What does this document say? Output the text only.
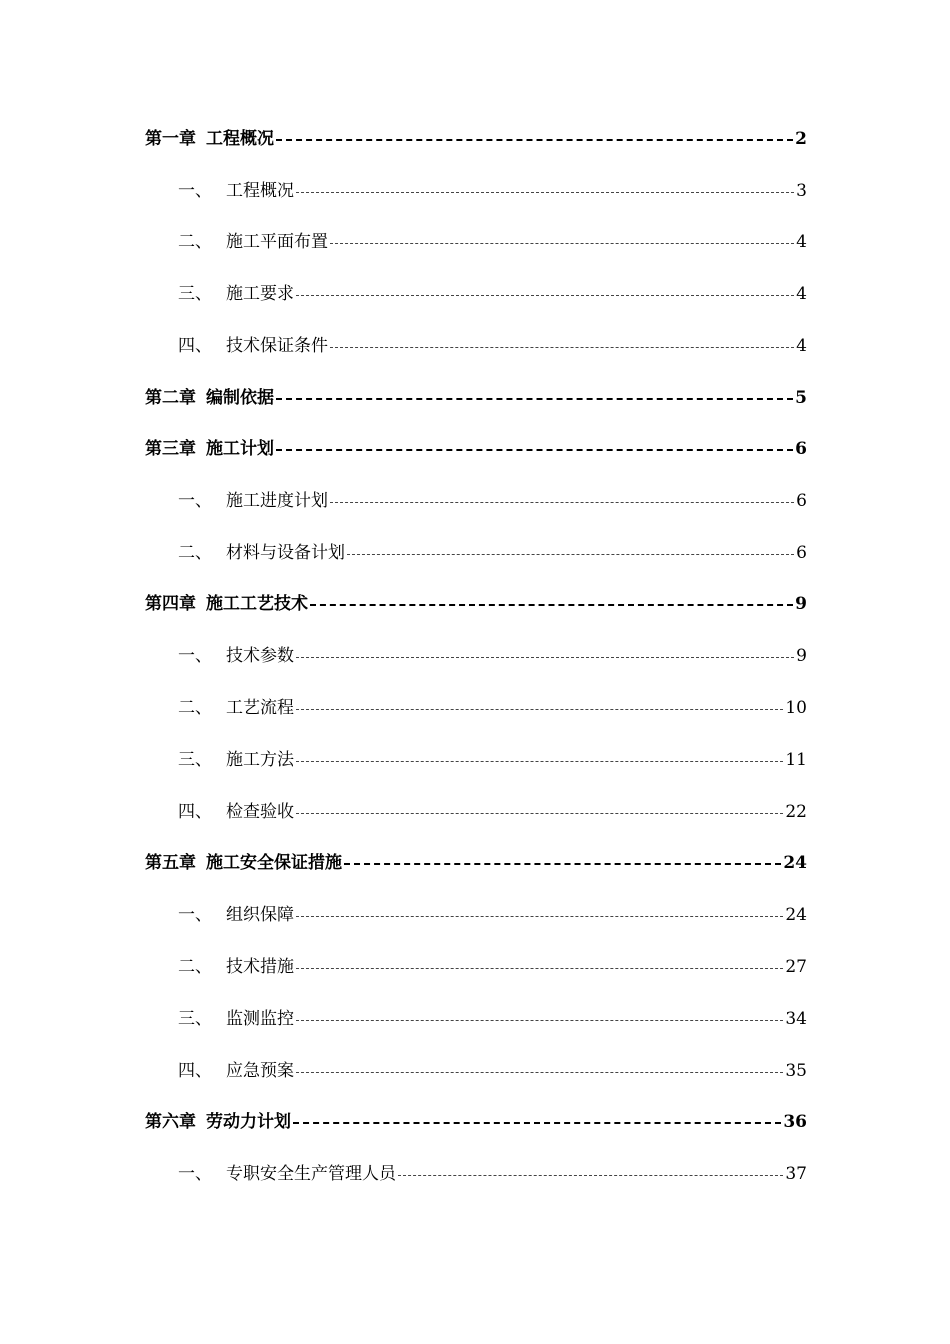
第一章 工程概况	2
一、 工程概况	3
二、 施工平面布置	4
三、 施工要求	4
四、 技术保证条件	4
第二章 编制依据	5
第三章 施工计划	6
一、 施工进度计划	6
二、 材料与设备计划	6
第四章 施工工艺技术	9
一、 技术参数	9
二、 工艺流程	10
三、 施工方法	11
四、 检查验收	22
第五章 施工安全保证措施	24
一、 组织保障	24
二、 技术措施	27
三、 监测监控	34
四、 应急预案	35
第六章 劳动力计划	36
一、 专职安全生产管理人员	37
